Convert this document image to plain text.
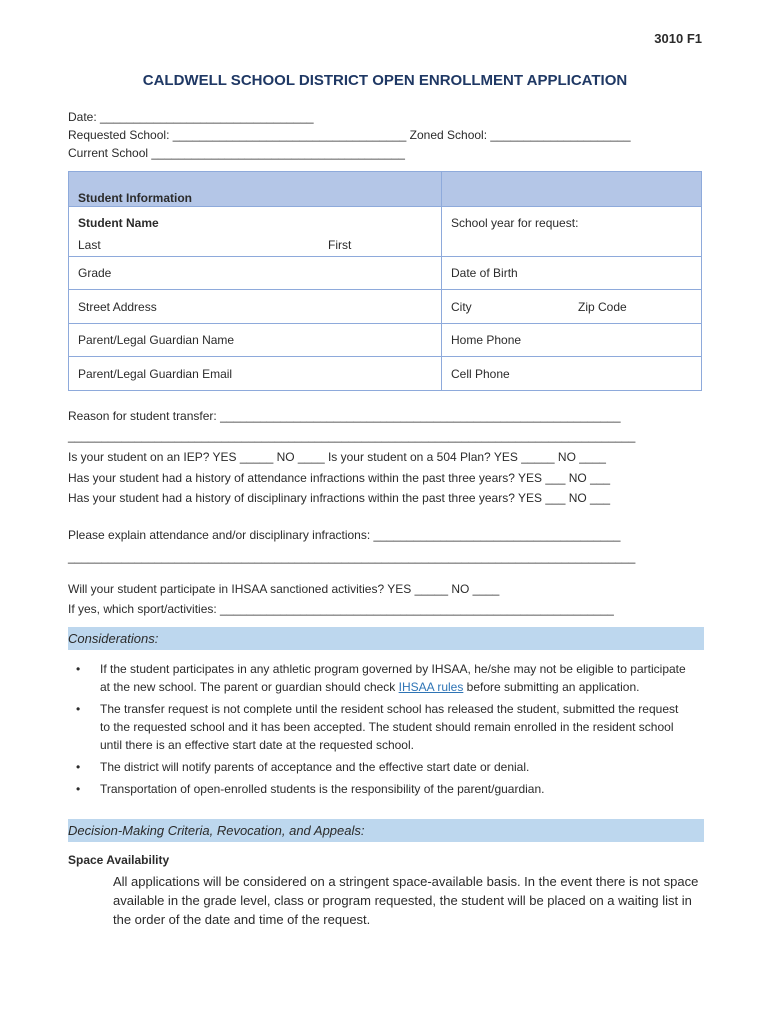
3010 F1
CALDWELL SCHOOL DISTRICT OPEN ENROLLMENT APPLICATION
Date: ________________________________
Requested School: ___________________________________ Zoned School: _____________________
Current School ______________________________________
Student Information	

Student Name
Last First	School year for request:

Grade	Date of Birth
Street Address	City Zip Code

Parent/Legal Guardian Name	Home Phone
Parent/Legal Guardian Email	Cell Phone
Reason for student transfer: ____________________________________________________________
_____________________________________________________________________________________
Is your student on an IEP? YES _____ NO ____ Is your student on a 504 Plan? YES _____ NO ____
Has your student had a history of attendance infractions within the past three years? YES ___ NO ___
Has your student had a history of disciplinary infractions within the past three years? YES ___ NO ___
Please explain attendance and/or disciplinary infractions: _____________________________________
_____________________________________________________________________________________
Will your student participate in IHSAA sanctioned activities? YES _____ NO ____
If yes, which sport/activities: ___________________________________________________________
Considerations:
• If the student participates in any athletic program governed by IHSAA, he/she may not be eligible to participate at the new school. The parent or guardian should check IHSAA rules before submitting an application.
• The transfer request is not complete until the resident school has released the student, submitted the request to the requested school and it has been accepted. The student should remain enrolled in the resident school until there is an effective start date at the requested school.
• The district will notify parents of acceptance and the effective start date or denial.
• Transportation of open-enrolled students is the responsibility of the parent/guardian.
Decision-Making Criteria, Revocation, and Appeals:
Space Availability
All applications will be considered on a stringent space-available basis. In the event there is not space available in the grade level, class or program requested, the student will be placed on a waiting list in the order of the date and time of the request.
